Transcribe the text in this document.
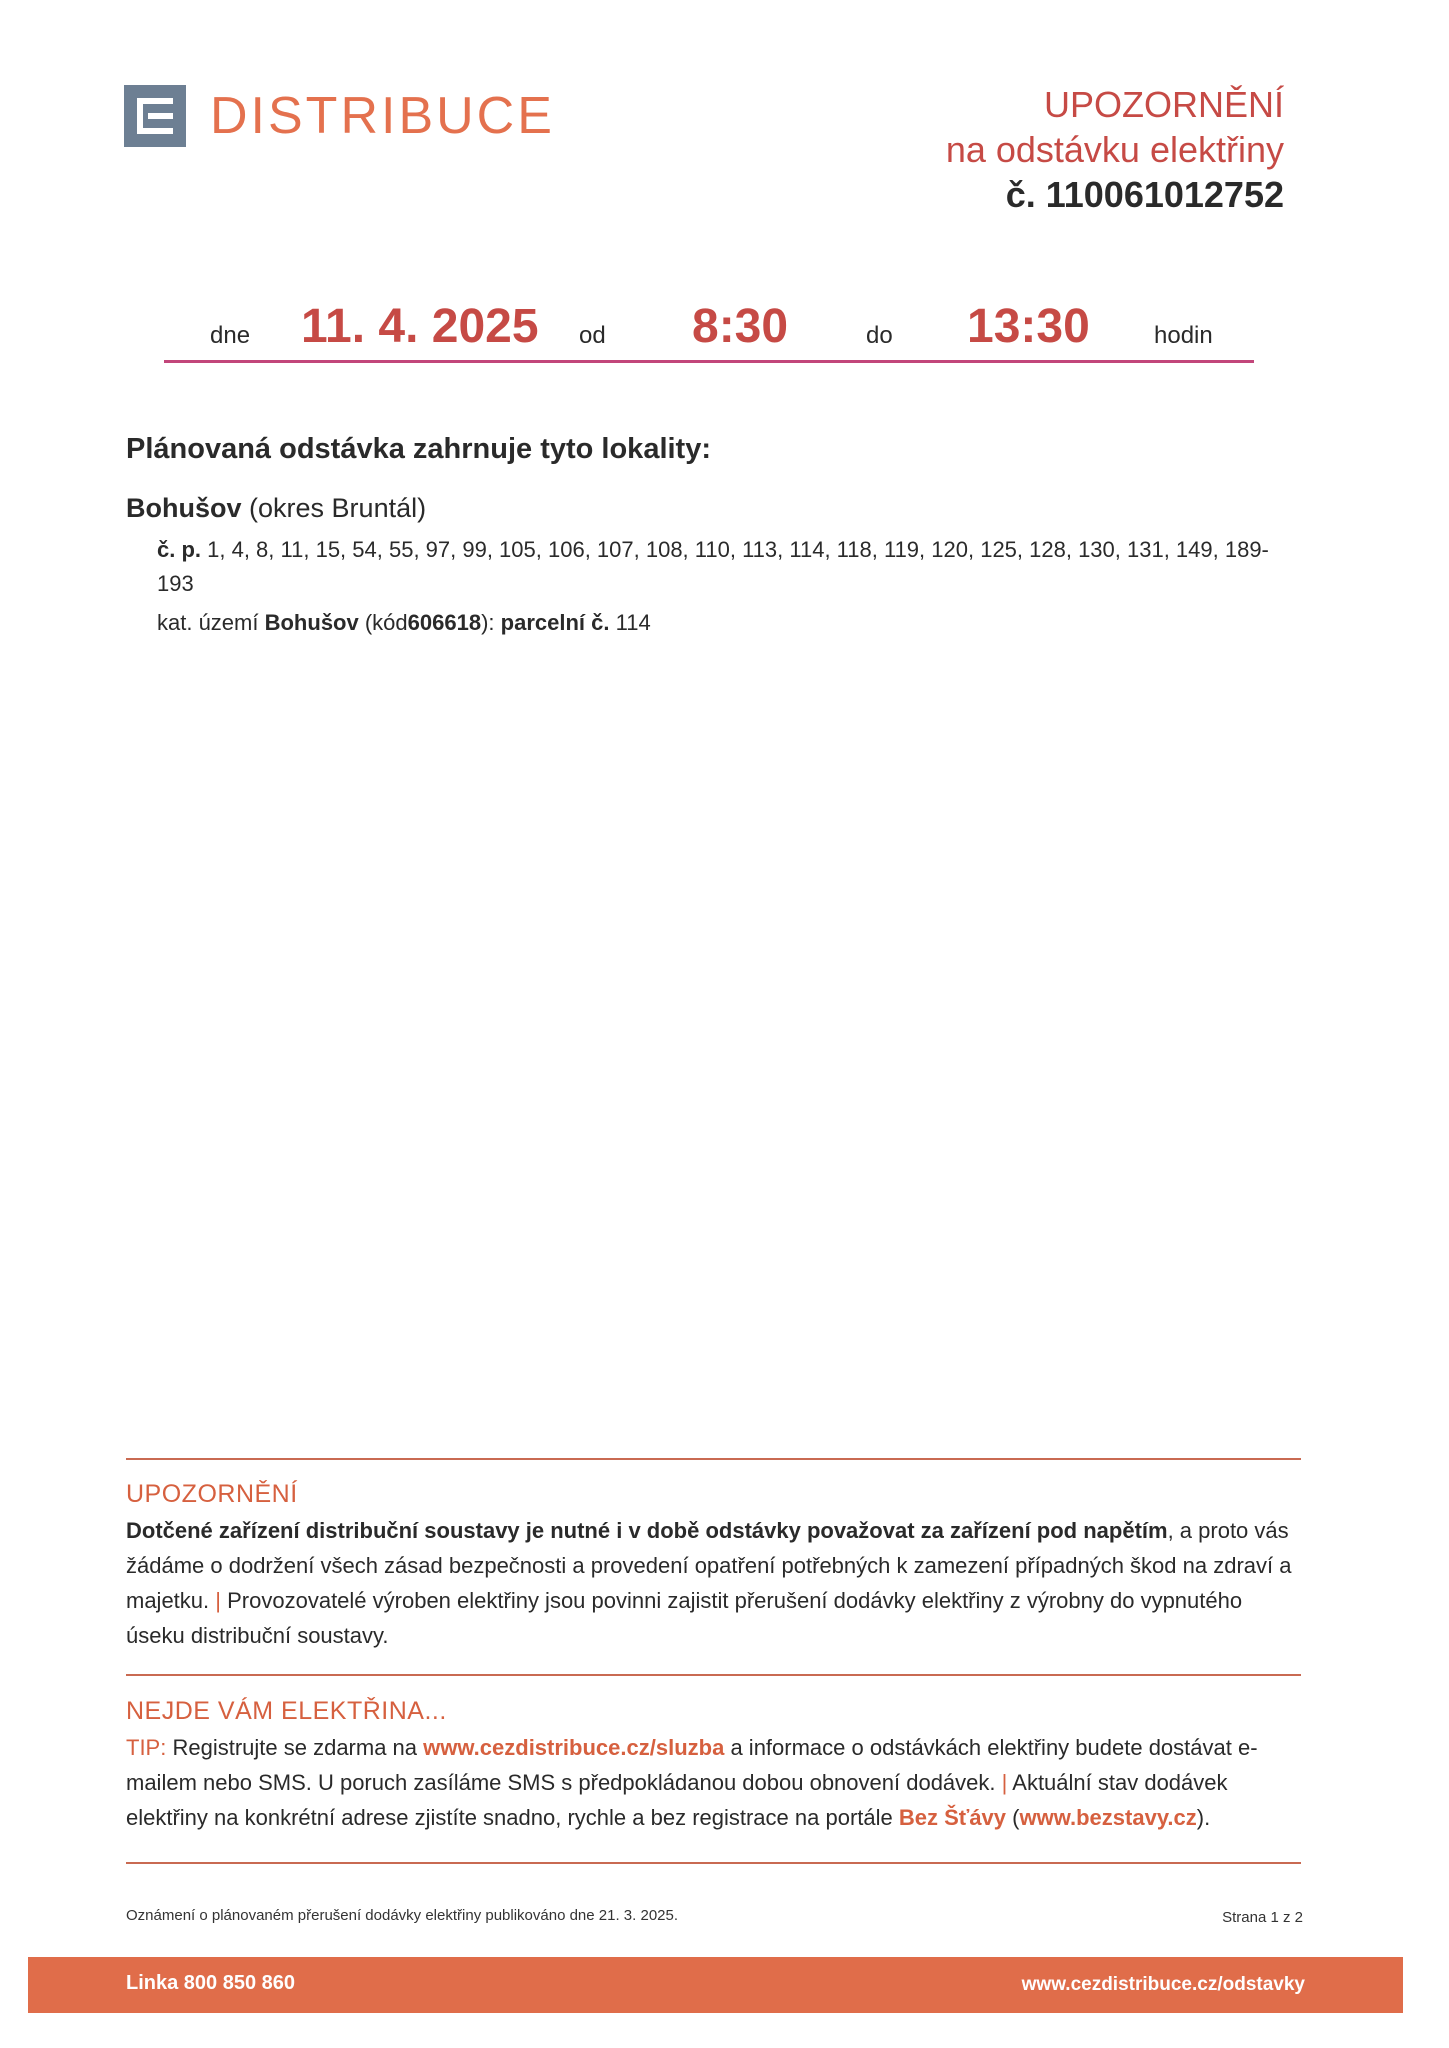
DISTRIBUCE	UPOZORNĚNÍ
na odstávku elektřiny
č. 110061012752
dne 11. 4. 2025 od 8:30	do 13:30	hodin
Plánovaná odstávka zahrnuje tyto lokality:
Bohušov (okres Bruntál)
č. p. 1, 4, 8, 11, 15, 54, 55, 97, 99, 105, 106, 107, 108, 110, 113, 114, 118, 119, 120, 125, 128, 130, 131, 149, 189-193
kat. území Bohušov (kód606618): parcelní č. 114
UPOZORNĚNÍ
Dotčené zařízení distribuční soustavy je nutné i v době odstávky považovat za zařízení pod napětím, a proto vás žádáme o dodržení všech zásad bezpečnosti a provedení opatření potřebných k zamezení případných škod na zdraví a majetku. | Provozovatelé výroben elektřiny jsou povinni zajistit přerušení dodávky elektřiny z výrobny do vypnutého úseku distribuční soustavy.
NEJDE VÁM ELEKTŘINA...
TIP: Registrujte se zdarma na www.cezdistribuce.cz/sluzba a informace o odstávkách elektřiny budete dostávat e-mailem nebo SMS. U poruch zasíláme SMS s předpokládanou dobou obnovení dodávek. | Aktuální stav dodávek elektřiny na konkrétní adrese zjistíte snadno, rychle a bez registrace na portále Bez Šťávy (www.bezstavy.cz).
Oznámení o plánovaném přerušení dodávky elektřiny publikováno dne 21. 3. 2025.	Strana 1 z 2
Linka 800 850 860	www.cezdistribuce.cz/odstavky
